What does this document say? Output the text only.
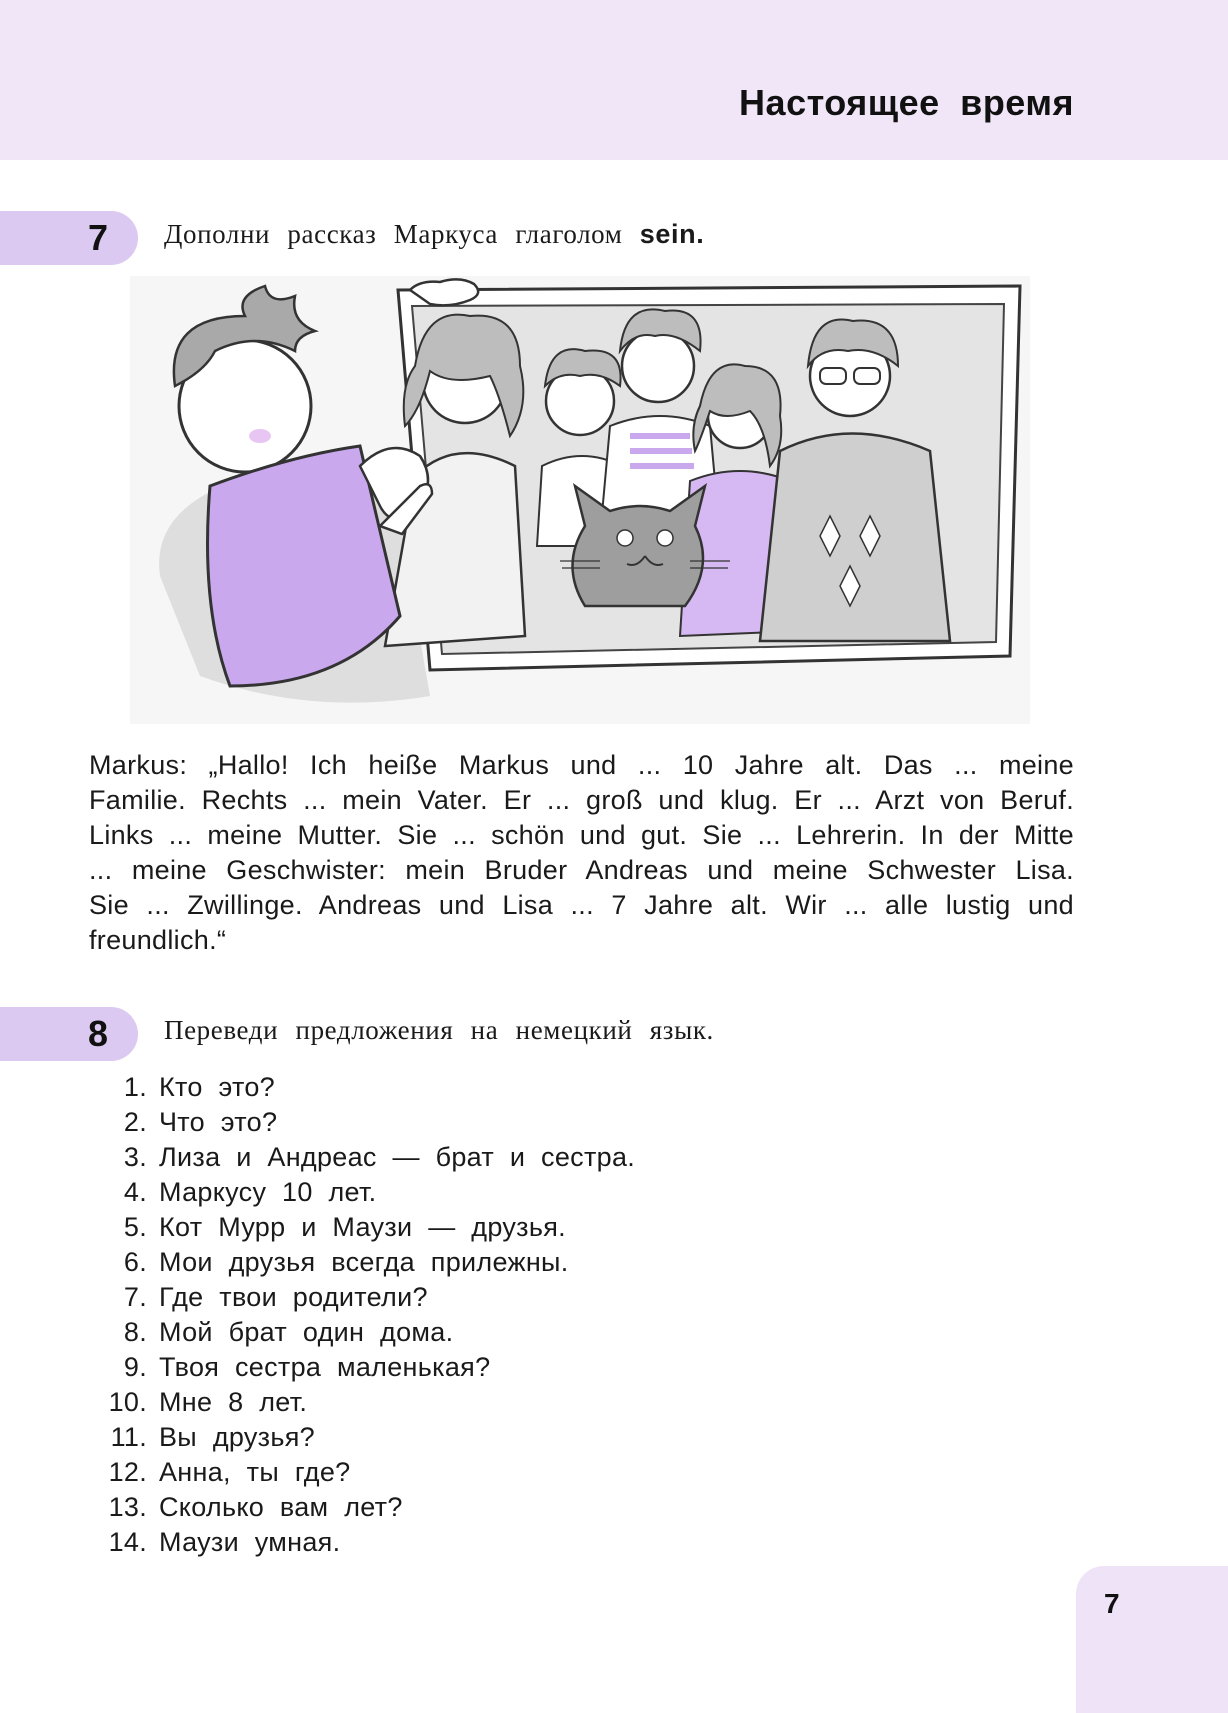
Настоящее время
7 Дополни рассказ Маркуса глаголом sein.
Markus: „Hallo! Ich heiße Markus und ... 10 Jahre alt. Das ... meine Familie. Rechts ... mein Vater. Er ... groß und klug. Er ... Arzt von Beruf. Links ... meine Mutter. Sie ... schön und gut. Sie ... Lehrerin. In der Mitte ... meine Geschwister: mein Bruder Andreas und meine Schwester Lisa. Sie ... Zwillinge. Andreas und Lisa ... 7 Jahre alt. Wir ... alle lustig und freundlich.“
8 Переведи предложения на немецкий язык.
1. Кто это?
2. Что это?
3. Лиза и Андреас — брат и сестра.
4. Маркусу 10 лет.
5. Кот Мурр и Маузи — друзья.
6. Мои друзья всегда прилежны.
7. Где твои родители?
8. Мой брат один дома.
9. Твоя сестра маленькая?
10. Мне 8 лет.
11. Вы друзья?
12. Анна, ты где?
13. Сколько вам лет?
14. Маузи умная.
7
